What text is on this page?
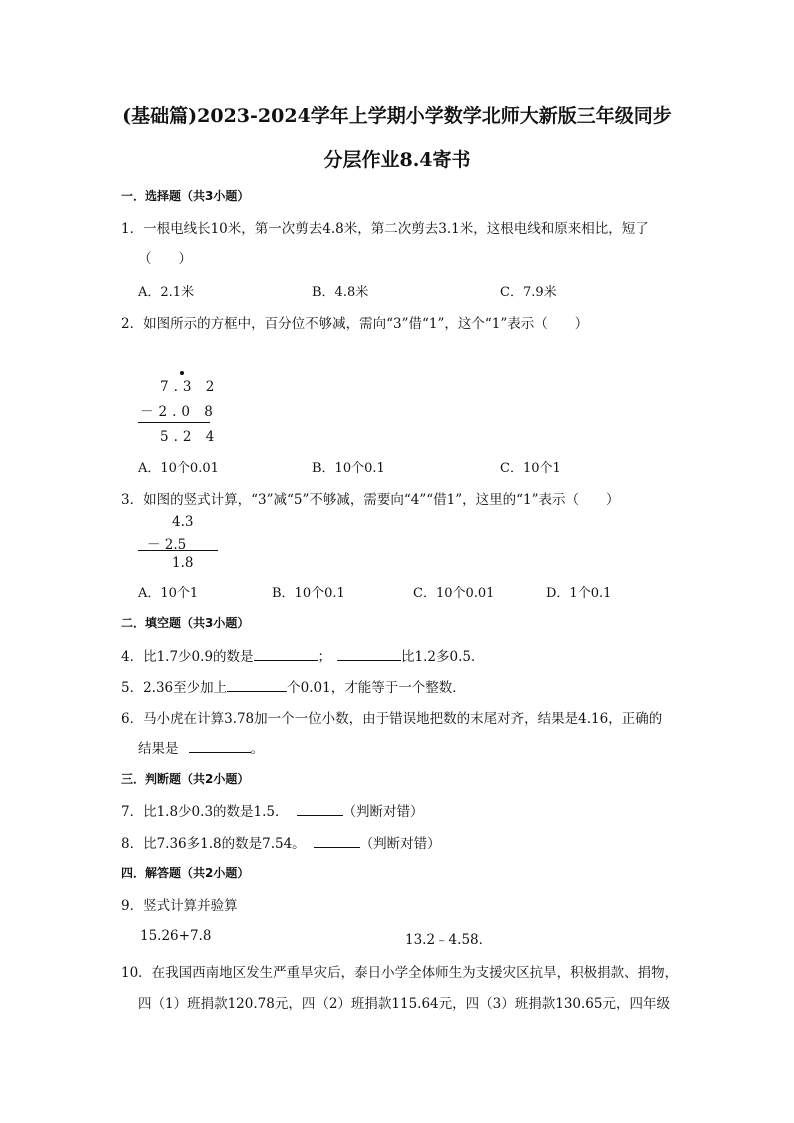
(基础篇)2023-2024学年上学期小学数学北师大新版三年级同步
分层作业8.4寄书
一．选择题（共3小题）
1．一根电线长10米，第一次剪去4.8米，第二次剪去3.1米，这根电线和原来相比，短了
（　　）
A．2.1米	B．4.8米	C．7.9米
2．如图所示的方框中，百分位不够减，需向“3”借“1”，这个“1”表示（　　）
7.3 2
－2.0 8
5.2 4
A．10个0.01	B．10个0.1	C．10个1
3．如图的竖式计算，“3”减“5”不够减，需要向“4”“借1”，这里的“1”表示（　　）
4.3
－ 2.5
1.8
A．10个1	B．10个0.1	C．10个0.01	D．1个0.1
二．填空题（共3小题）
4．比1.7少0.9的数是	；	比1.2多0.5．
5．2.36至少加上	个0.01，才能等于一个整数．
6．马小虎在计算3.78加一个一位小数，由于错误地把数的末尾对齐，结果是4.16，正确的
结果是	。
三．判断题（共2小题）
7．比1.8少0.3的数是1.5．	（判断对错）
8．比7.36多1.8的数是7.54。	（判断对错）
四．解答题（共2小题）
9．竖式计算并验算
15.26+7.8	13.2﹣4.58．
10．在我国西南地区发生严重旱灾后，泰日小学全体师生为支援灾区抗旱，积极捐款、捐物，
四（1）班捐款120.78元，四（2）班捐款115.64元，四（3）班捐款130.65元，四年级
